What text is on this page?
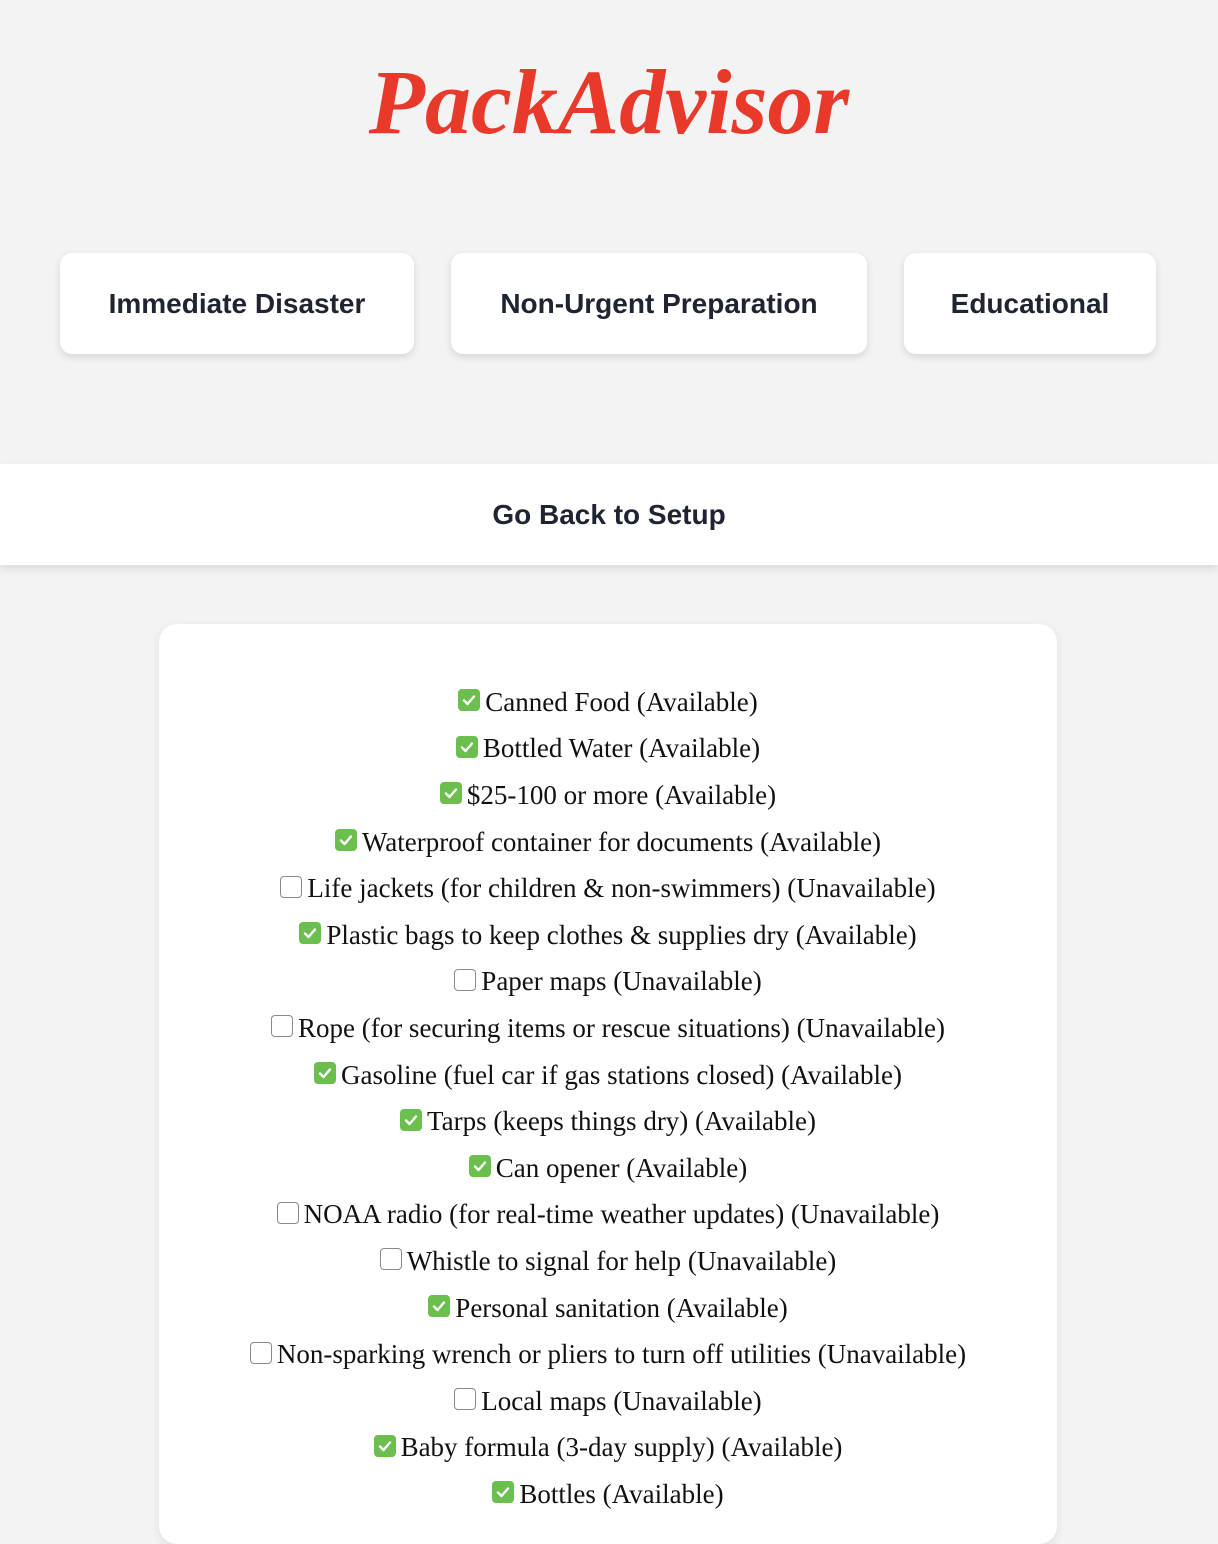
PackAdvisor
Immediate Disaster	Non-Urgent Preparation	Educational
Go Back to Setup
Canned Food (Available)
Bottled Water (Available)
$25-100 or more (Available)
Waterproof container for documents (Available)
Life jackets (for children & non-swimmers) (Unavailable)
Plastic bags to keep clothes & supplies dry (Available)
Paper maps (Unavailable)
Rope (for securing items or rescue situations) (Unavailable)
Gasoline (fuel car if gas stations closed) (Available)
Tarps (keeps things dry) (Available)
Can opener (Available)
NOAA radio (for real-time weather updates) (Unavailable)
Whistle to signal for help (Unavailable)
Personal sanitation (Available)
Non-sparking wrench or pliers to turn off utilities (Unavailable)
Local maps (Unavailable)
Baby formula (3-day supply) (Available)
Bottles (Available)
